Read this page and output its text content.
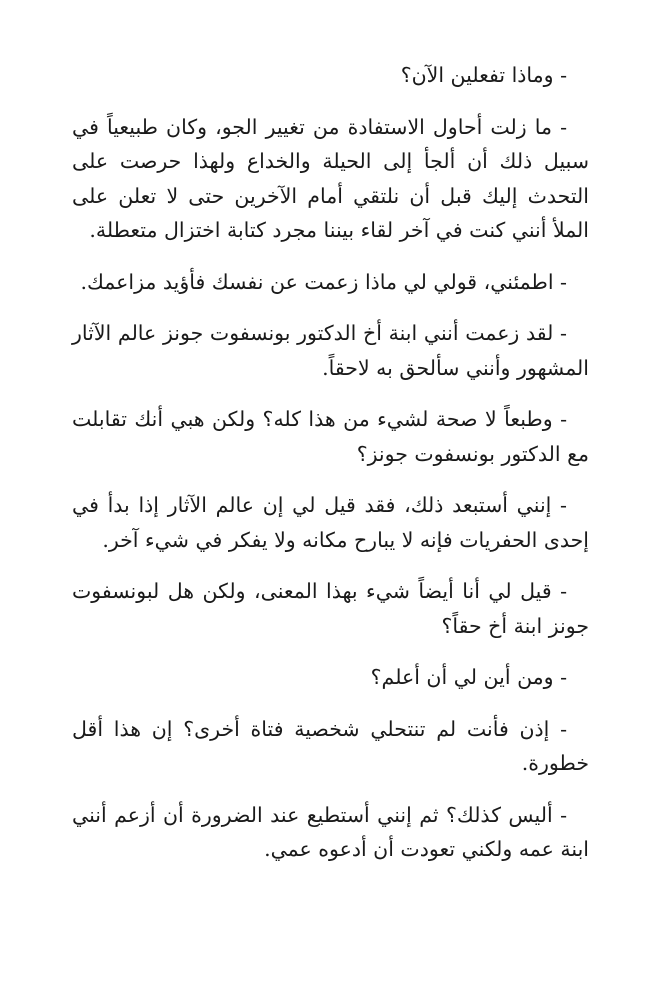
- وماذا تفعلين الآن؟

- ما زلت أحاول الاستفادة من تغيير الجو، وكان طبيعياً في سبيل ذلك أن ألجأ إلى الحيلة والخداع ولهذا حرصت على التحدث إليك قبل أن نلتقي أمام الآخرين حتى لا تعلن على الملأ أنني كنت في آخر لقاء بيننا مجرد كتابة اختزال متعطلة.

- اطمئني، قولي لي ماذا زعمت عن نفسك فأؤيد مزاعمك.

- لقد زعمت أنني ابنة أخ الدكتور بونسفوت جونز عالم الآثار المشهور وأنني سألحق به لاحقاً.

- وطبعاً لا صحة لشيء من هذا كله؟ ولكن هبي أنك تقابلت مع الدكتور بونسفوت جونز؟

- إنني أستبعد ذلك، فقد قيل لي إن عالم الآثار إذا بدأ في إحدى الحفريات فإنه لا يبارح مكانه ولا يفكر في شيء آخر.

- قيل لي أنا أيضاً شيء بهذا المعنى، ولكن هل لبونسفوت جونز ابنة أخ حقاً؟

- ومن أين لي أن أعلم؟

- إذن فأنت لم تنتحلي شخصية فتاة أخرى؟ إن هذا أقل خطورة.

- أليس كذلك؟ ثم إنني أستطيع عند الضرورة أن أزعم أنني ابنة عمه ولكني تعودت أن أدعوه عمي.
